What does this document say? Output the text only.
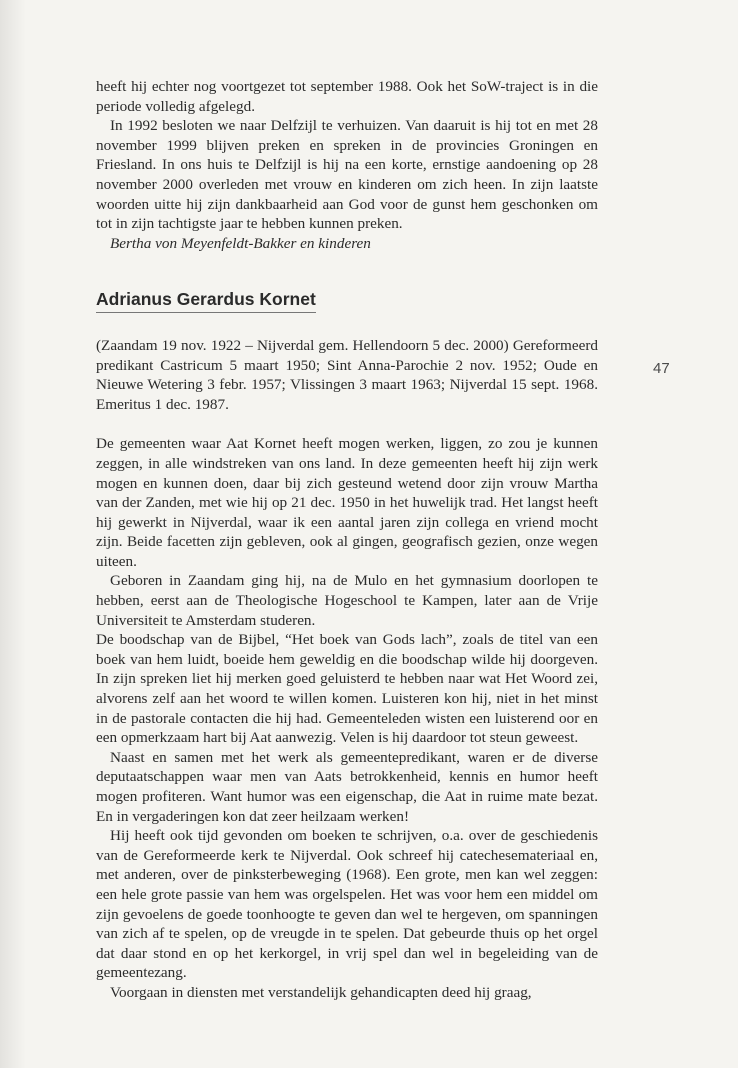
heeft hij echter nog voortgezet tot september 1988. Ook het SoW-traject is in die periode volledig afgelegd.

In 1992 besloten we naar Delfzijl te verhuizen. Van daaruit is hij tot en met 28 november 1999 blijven preken en spreken in de provincies Groningen en Friesland. In ons huis te Delfzijl is hij na een korte, ernstige aandoening op 28 november 2000 overleden met vrouw en kinderen om zich heen. In zijn laatste woorden uitte hij zijn dankbaarheid aan God voor de gunst hem geschonken om tot in zijn tachtigste jaar te hebben kunnen preken.

Bertha von Meyenfeldt-Bakker en kinderen

Adrianus Gerardus Kornet

(Zaandam 19 nov. 1922 – Nijverdal gem. Hellendoorn 5 dec. 2000) Gereformeerd predikant Castricum 5 maart 1950; Sint Anna-Parochie 2 nov. 1952; Oude en Nieuwe Wetering 3 febr. 1957; Vlissingen 3 maart 1963; Nijverdal 15 sept. 1968. Emeritus 1 dec. 1987.

De gemeenten waar Aat Kornet heeft mogen werken, liggen, zo zou je kunnen zeggen, in alle windstreken van ons land. In deze gemeenten heeft hij zijn werk mogen en kunnen doen, daar bij zich gesteund wetend door zijn vrouw Martha van der Zanden, met wie hij op 21 dec. 1950 in het huwelijk trad. Het langst heeft hij gewerkt in Nijverdal, waar ik een aantal jaren zijn collega en vriend mocht zijn. Beide facetten zijn gebleven, ook al gingen, geografisch gezien, onze wegen uiteen.

Geboren in Zaandam ging hij, na de Mulo en het gymnasium doorlopen te hebben, eerst aan de Theologische Hogeschool te Kampen, later aan de Vrije Universiteit te Amsterdam studeren.

De boodschap van de Bijbel, “Het boek van Gods lach”, zoals de titel van een boek van hem luidt, boeide hem geweldig en die boodschap wilde hij doorgeven. In zijn spreken liet hij merken goed geluisterd te hebben naar wat Het Woord zei, alvorens zelf aan het woord te willen komen. Luisteren kon hij, niet in het minst in de pastorale contacten die hij had. Gemeenteleden wisten een luisterend oor en een opmerkzaam hart bij Aat aanwezig. Velen is hij daardoor tot steun geweest.

Naast en samen met het werk als gemeentepredikant, waren er de diverse deputaatschappen waar men van Aats betrokkenheid, kennis en humor heeft mogen profiteren. Want humor was een eigenschap, die Aat in ruime mate bezat. En in vergaderingen kon dat zeer heilzaam werken!

Hij heeft ook tijd gevonden om boeken te schrijven, o.a. over de geschiedenis van de Gereformeerde kerk te Nijverdal. Ook schreef hij catechesemateriaal en, met anderen, over de pinksterbeweging (1968). Een grote, men kan wel zeggen: een hele grote passie van hem was orgelspelen. Het was voor hem een middel om zijn gevoelens de goede toonhoogte te geven dan wel te hergeven, om spanningen van zich af te spelen, op de vreugde in te spelen. Dat gebeurde thuis op het orgel dat daar stond en op het kerkorgel, in vrij spel dan wel in begeleiding van de gemeentezang.

Voorgaan in diensten met verstandelijk gehandicapten deed hij graag,

47
